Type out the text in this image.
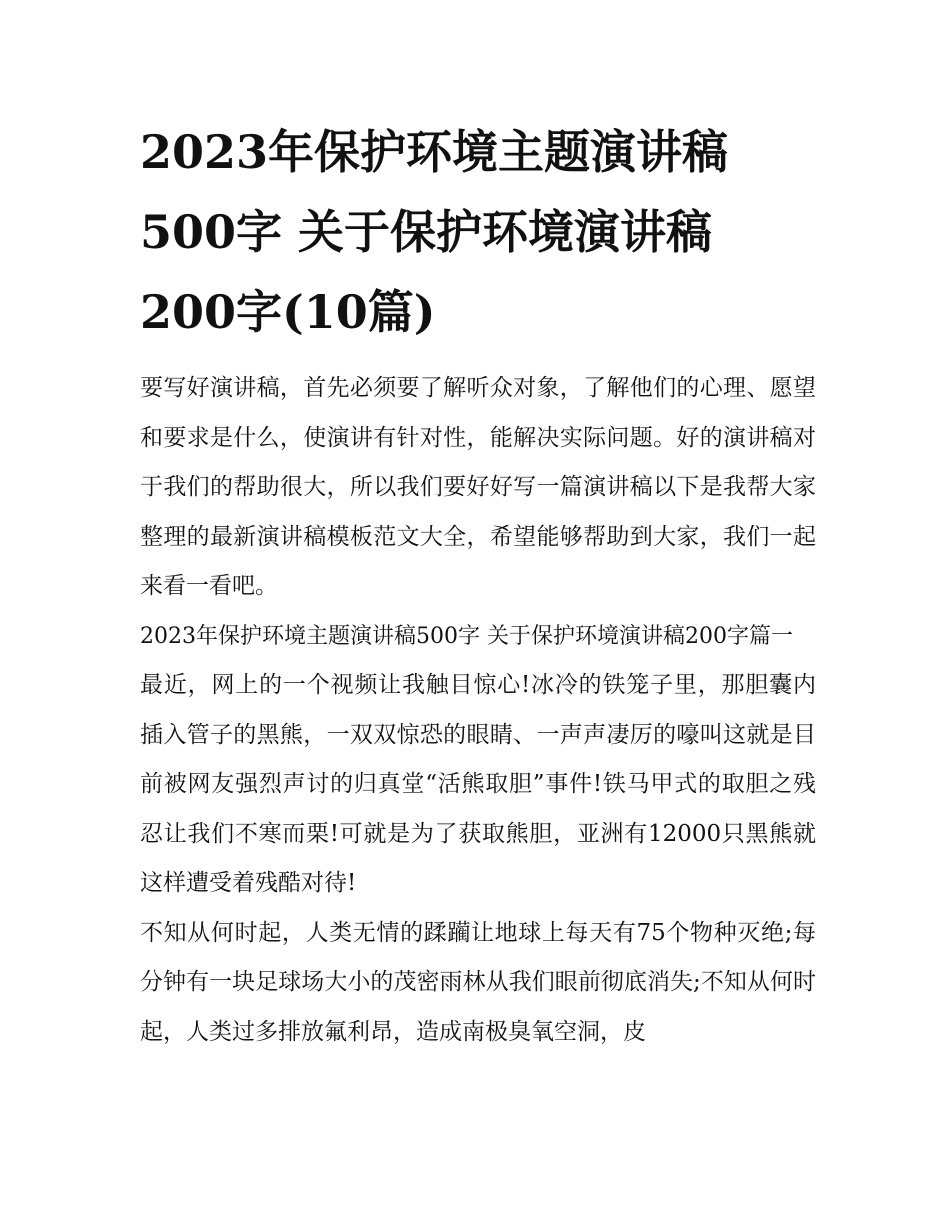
2023年保护环境主题演讲稿
500字 关于保护环境演讲稿
200字(10篇)

要写好演讲稿，首先必须要了解听众对象，了解他们的心理、愿望和要求是什么，使演讲有针对性，能解决实际问题。好的演讲稿对于我们的帮助很大，所以我们要好好写一篇演讲稿以下是我帮大家整理的最新演讲稿模板范文大全，希望能够帮助到大家，我们一起来看一看吧。

2023年保护环境主题演讲稿500字 关于保护环境演讲稿200字篇一

最近，网上的一个视频让我触目惊心!冰冷的铁笼子里，那胆囊内插入管子的黑熊，一双双惊恐的眼睛、一声声凄厉的嚎叫这就是目前被网友强烈声讨的归真堂“活熊取胆”事件!铁马甲式的取胆之残忍让我们不寒而栗!可就是为了获取熊胆，亚洲有12000只黑熊就这样遭受着残酷对待!

不知从何时起，人类无情的蹂躏让地球上每天有75个物种灭绝;每分钟有一块足球场大小的茂密雨林从我们眼前彻底消失;不知从何时起，人类过多排放氟利昂，造成南极臭氧空洞，皮
